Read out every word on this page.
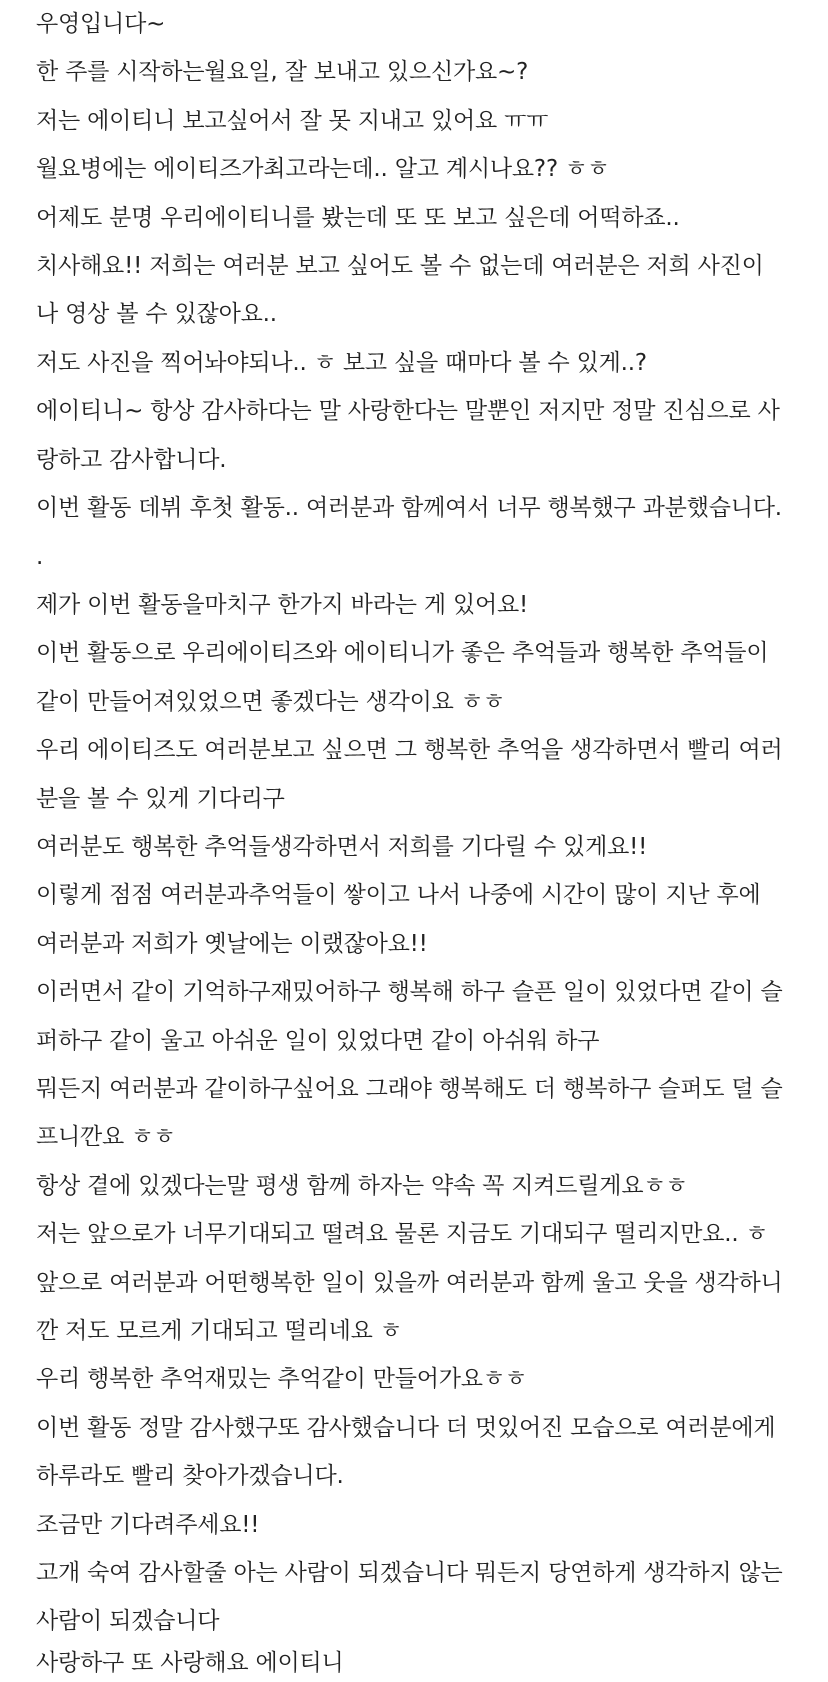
우영입니다~
한 주를 시작하는월요일, 잘 보내고 있으신가요~?
저는 에이티니 보고싶어서 잘 못 지내고 있어요 ㅠㅠ
월요병에는 에이티즈가최고라는데.. 알고 계시나요?? ㅎㅎ
어제도 분명 우리에이티니를 봤는데 또 또 보고 싶은데 어떡하죠..
치사해요!! 저희는 여러분 보고 싶어도 볼 수 없는데 여러분은 저희 사진이
나 영상 볼 수 있잖아요..
저도 사진을 찍어놔야되나.. ㅎ 보고 싶을 때마다 볼 수 있게..?
에이티니~ 항상 감사하다는 말 사랑한다는 말뿐인 저지만 정말 진심으로 사
랑하고 감사합니다.
이번 활동 데뷔 후첫 활동.. 여러분과 함께여서 너무 행복했구 과분했습니다.
.
제가 이번 활동을마치구 한가지 바라는 게 있어요!
이번 활동으로 우리에이티즈와 에이티니가 좋은 추억들과 행복한 추억들이
같이 만들어져있었으면 좋겠다는 생각이요 ㅎㅎ
우리 에이티즈도 여러분보고 싶으면 그 행복한 추억을 생각하면서 빨리 여러
분을 볼 수 있게 기다리구
여러분도 행복한 추억들생각하면서 저희를 기다릴 수 있게요!!
이렇게 점점 여러분과추억들이 쌓이고 나서 나중에 시간이 많이 지난 후에
여러분과 저희가 옛날에는 이랬잖아요!!
이러면서 같이 기억하구재밌어하구 행복해 하구 슬픈 일이 있었다면 같이 슬
퍼하구 같이 울고 아쉬운 일이 있었다면 같이 아쉬워 하구
뭐든지 여러분과 같이하구싶어요 그래야 행복해도 더 행복하구 슬퍼도 덜 슬
프니깐요 ㅎㅎ
항상 곁에 있겠다는말 평생 함께 하자는 약속 꼭 지켜드릴게요ㅎㅎ
저는 앞으로가 너무기대되고 떨려요 물론 지금도 기대되구 떨리지만요.. ㅎ
앞으로 여러분과 어떤행복한 일이 있을까 여러분과 함께 울고 웃을 생각하니
깐 저도 모르게 기대되고 떨리네요 ㅎ
우리 행복한 추억재밌는 추억같이 만들어가요ㅎㅎ
이번 활동 정말 감사했구또 감사했습니다 더 멋있어진 모습으로 여러분에게
하루라도 빨리 찾아가겠습니다.
조금만 기다려주세요!!
고개 숙여 감사할줄 아는 사람이 되겠습니다 뭐든지 당연하게 생각하지 않는
사람이 되겠습니다
사랑하구 또 사랑해요 에이티니
